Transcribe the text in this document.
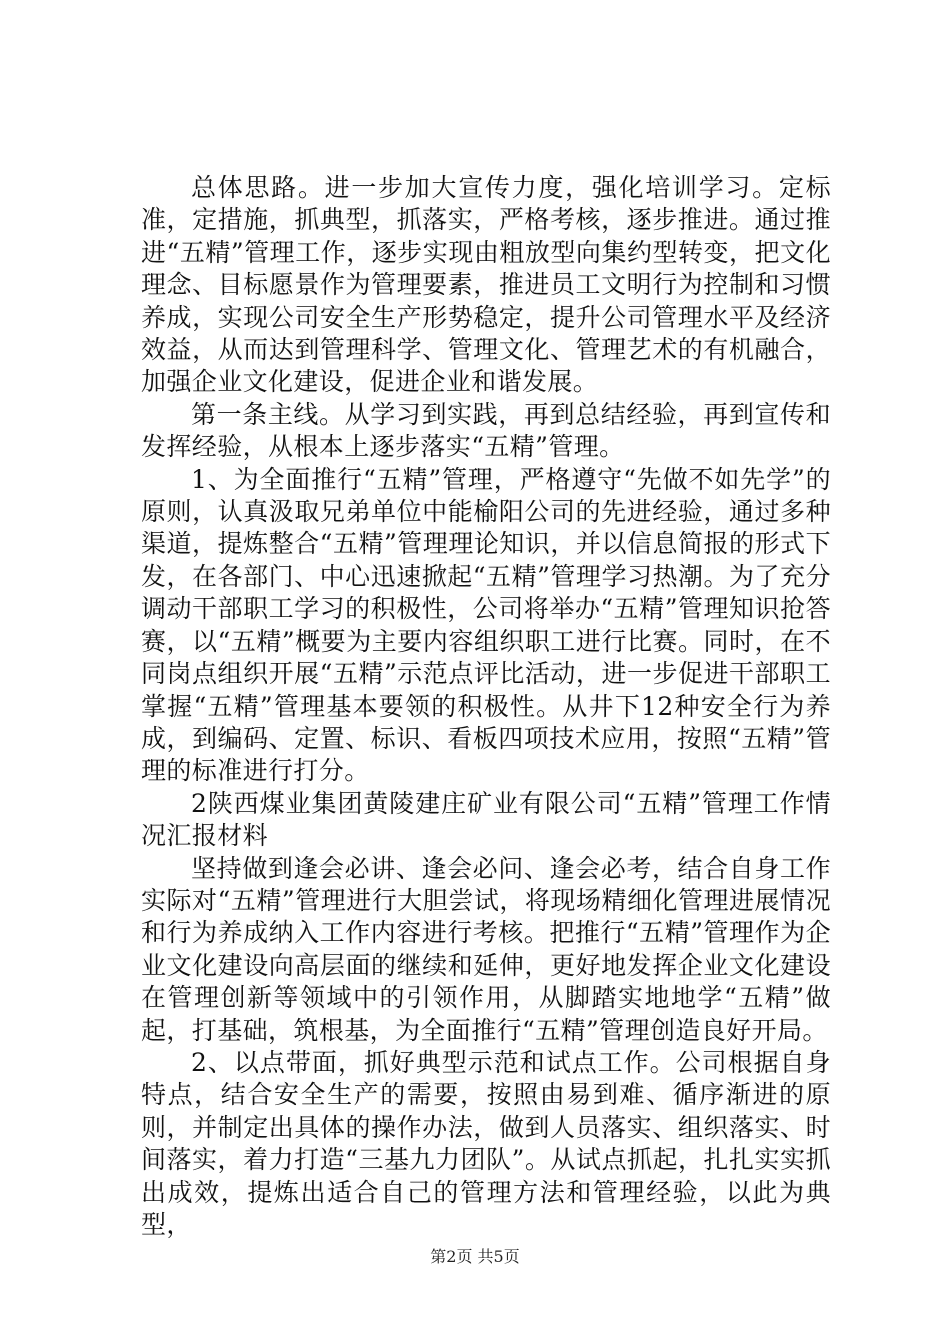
总体思路。进一步加大宣传力度，强化培训学习。定标准，定措施，抓典型，抓落实，严格考核，逐步推进。通过推进“五精”管理工作，逐步实现由粗放型向集约型转变，把文化理念、目标愿景作为管理要素，推进员工文明行为控制和习惯养成，实现公司安全生产形势稳定，提升公司管理水平及经济效益，从而达到管理科学、管理文化、管理艺术的有机融合，加强企业文化建设，促进企业和谐发展。

第一条主线。从学习到实践，再到总结经验，再到宣传和发挥经验，从根本上逐步落实“五精”管理。

1、为全面推行“五精”管理，严格遵守“先做不如先学”的原则，认真汲取兄弟单位中能榆阳公司的先进经验，通过多种渠道，提炼整合“五精”管理理论知识，并以信息简报的形式下发，在各部门、中心迅速掀起“五精”管理学习热潮。为了充分调动干部职工学习的积极性，公司将举办“五精”管理知识抢答赛，以“五精”概要为主要内容组织职工进行比赛。同时，在不同岗点组织开展“五精”示范点评比活动，进一步促进干部职工掌握“五精”管理基本要领的积极性。从井下12种安全行为养成，到编码、定置、标识、看板四项技术应用，按照“五精”管理的标准进行打分。

2陕西煤业集团黄陵建庄矿业有限公司“五精”管理工作情况汇报材料

坚持做到逢会必讲、逢会必问、逢会必考，结合自身工作实际对“五精”管理进行大胆尝试，将现场精细化管理进展情况和行为养成纳入工作内容进行考核。把推行“五精”管理作为企业文化建设向高层面的继续和延伸，更好地发挥企业文化建设在管理创新等领域中的引领作用，从脚踏实地地学“五精”做起，打基础，筑根基，为全面推行“五精”管理创造良好开局。

2、以点带面，抓好典型示范和试点工作。公司根据自身特点，结合安全生产的需要，按照由易到难、循序渐进的原则，并制定出具体的操作办法，做到人员落实、组织落实、时间落实，着力打造“三基九力团队”。从试点抓起，扎扎实实抓出成效，提炼出适合自己的管理方法和管理经验，以此为典型，

第2页 共5页
